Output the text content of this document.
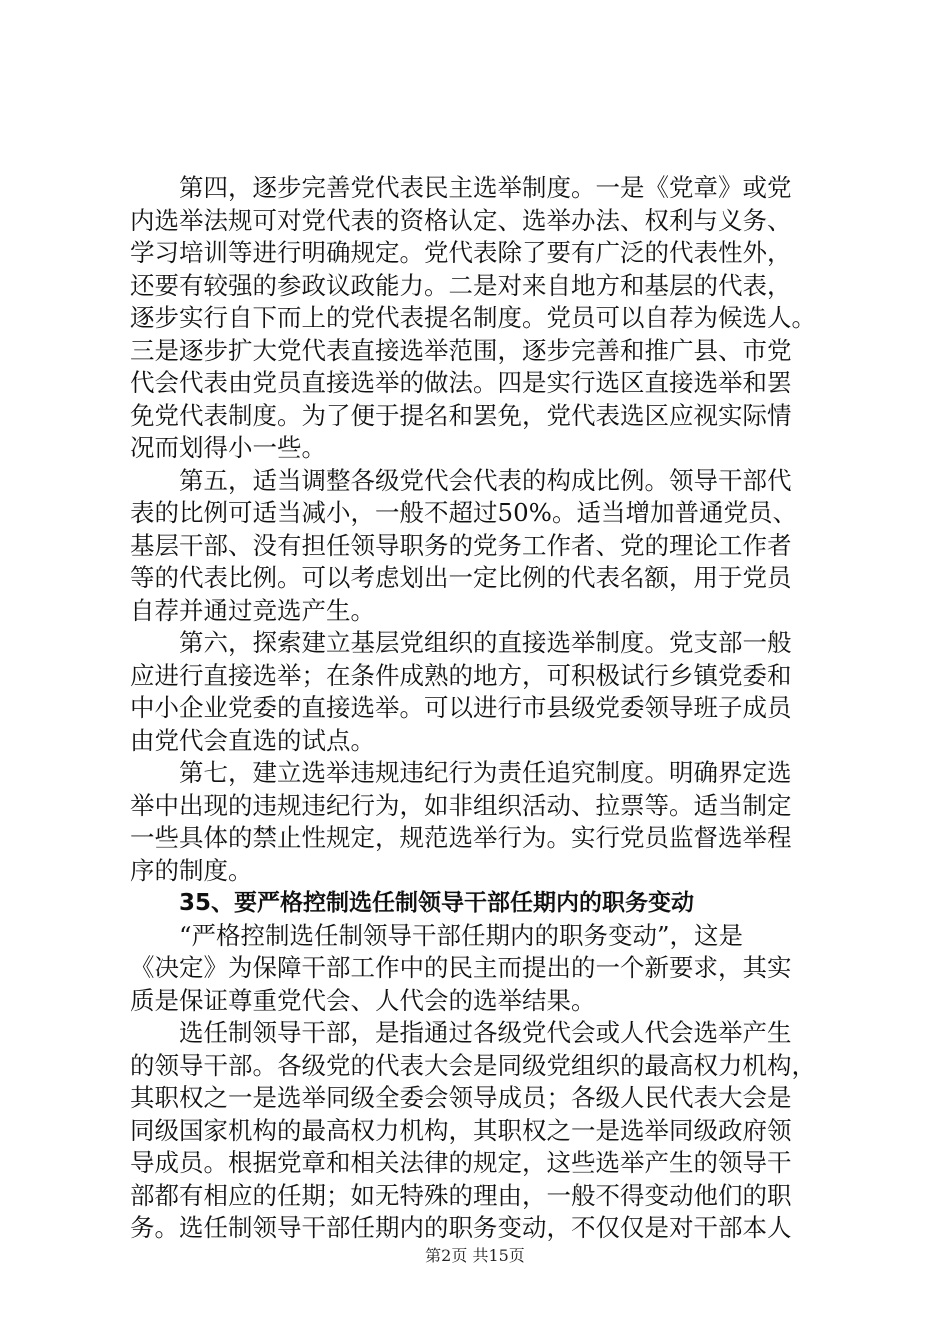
第四，逐步完善党代表民主选举制度。一是《党章》或党
内选举法规可对党代表的资格认定、选举办法、权利与义务、
学习培训等进行明确规定。党代表除了要有广泛的代表性外，
还要有较强的参政议政能力。二是对来自地方和基层的代表，
逐步实行自下而上的党代表提名制度。党员可以自荐为候选人。
三是逐步扩大党代表直接选举范围，逐步完善和推广县、市党
代会代表由党员直接选举的做法。四是实行选区直接选举和罢
免党代表制度。为了便于提名和罢免，党代表选区应视实际情
况而划得小一些。
第五，适当调整各级党代会代表的构成比例。领导干部代
表的比例可适当减小，一般不超过50%。适当增加普通党员、
基层干部、没有担任领导职务的党务工作者、党的理论工作者
等的代表比例。可以考虑划出一定比例的代表名额，用于党员
自荐并通过竞选产生。
第六，探索建立基层党组织的直接选举制度。党支部一般
应进行直接选举；在条件成熟的地方，可积极试行乡镇党委和
中小企业党委的直接选举。可以进行市县级党委领导班子成员
由党代会直选的试点。
第七，建立选举违规违纪行为责任追究制度。明确界定选
举中出现的违规违纪行为，如非组织活动、拉票等。适当制定
一些具体的禁止性规定，规范选举行为。实行党员监督选举程
序的制度。
35、要严格控制选任制领导干部任期内的职务变动
“严格控制选任制领导干部任期内的职务变动”，这是
《决定》为保障干部工作中的民主而提出的一个新要求，其实
质是保证尊重党代会、人代会的选举结果。
选任制领导干部，是指通过各级党代会或人代会选举产生
的领导干部。各级党的代表大会是同级党组织的最高权力机构，
其职权之一是选举同级全委会领导成员；各级人民代表大会是
同级国家机构的最高权力机构，其职权之一是选举同级政府领
导成员。根据党章和相关法律的规定，这些选举产生的领导干
部都有相应的任期；如无特殊的理由，一般不得变动他们的职
务。选任制领导干部任期内的职务变动，不仅仅是对干部本人
第2页 共15页
